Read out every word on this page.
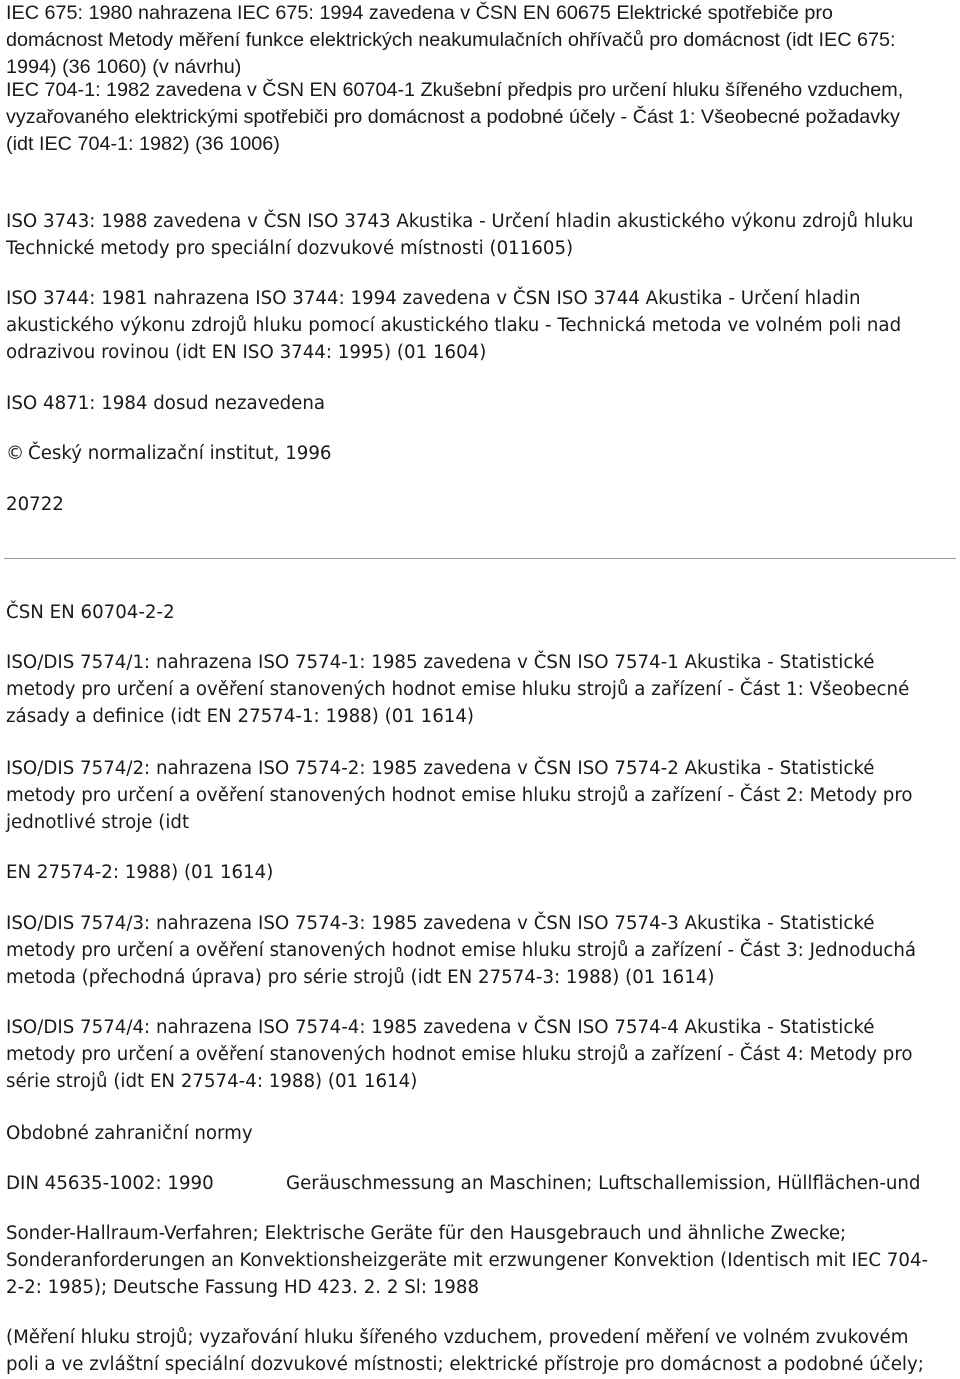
IEC 675: 1980 nahrazena IEC 675: 1994 zavedena v ČSN EN 60675 Elektrické spotřebiče pro
domácnost Metody měření funkce elektrických neakumulačních ohřívačů pro domácnost (idt IEC 675:
1994) (36 1060) (v návrhu)

IEC 704-1: 1982 zavedena v ČSN EN 60704-1 Zkušební předpis pro určení hluku šířeného vzduchem,
vyzařovaného elektrickými spotřebiči pro domácnost a podobné účely - Část 1: Všeobecné požadavky
(idt IEC 704-1: 1982) (36 1006)

ISO 3743: 1988 zavedena v ČSN ISO 3743 Akustika - Určení hladin akustického výkonu zdrojů hluku
Technické metody pro speciální dozvukové místnosti (011605)

ISO 3744: 1981 nahrazena ISO 3744: 1994 zavedena v ČSN ISO 3744 Akustika - Určení hladin
akustického výkonu zdrojů hluku pomocí akustického tlaku - Technická metoda ve volném poli nad
odrazivou rovinou (idt EN ISO 3744: 1995) (01 1604)

ISO 4871: 1984 dosud nezavedena

© Český normalizační institut, 1996

20722

ČSN EN 60704-2-2

ISO/DIS 7574/1: nahrazena ISO 7574-1: 1985 zavedena v ČSN ISO 7574-1 Akustika - Statistické
metody pro určení a ověření stanovených hodnot emise hluku strojů a zařízení - Část 1: Všeobecné
zásady a definice (idt EN 27574-1: 1988) (01 1614)

ISO/DIS 7574/2: nahrazena ISO 7574-2: 1985 zavedena v ČSN ISO 7574-2 Akustika - Statistické
metody pro určení a ověření stanovených hodnot emise hluku strojů a zařízení - Část 2: Metody pro
jednotlivé stroje (idt

EN 27574-2: 1988) (01 1614)

ISO/DIS 7574/3: nahrazena ISO 7574-3: 1985 zavedena v ČSN ISO 7574-3 Akustika - Statistické
metody pro určení a ověření stanovených hodnot emise hluku strojů a zařízení - Část 3: Jednoduchá
metoda (přechodná úprava) pro série strojů (idt EN 27574-3: 1988) (01 1614)

ISO/DIS 7574/4: nahrazena ISO 7574-4: 1985 zavedena v ČSN ISO 7574-4 Akustika - Statistické
metody pro určení a ověření stanovených hodnot emise hluku strojů a zařízení - Část 4: Metody pro
série strojů (idt EN 27574-4: 1988) (01 1614)

Obdobné zahraniční normy

DIN 45635-1002: 1990	Geräuschmessung an Maschinen; Luftschallemission, Hüllflächen-und

Sonder-Hallraum-Verfahren; Elektrische Geräte für den Hausgebrauch und ähnliche Zwecke;
Sonderanforderungen an Konvektionsheizgeräte mit erzwungener Konvektion (Identisch mit IEC 704-
2-2: 1985); Deutsche Fassung HD 423. 2. 2 Sl: 1988

(Měření hluku strojů; vyzařování hluku šířeného vzduchem, provedení měření ve volném zvukovém
poli a ve zvláštní speciální dozvukové místnosti; elektrické přístroje pro domácnost a podobné účely;
